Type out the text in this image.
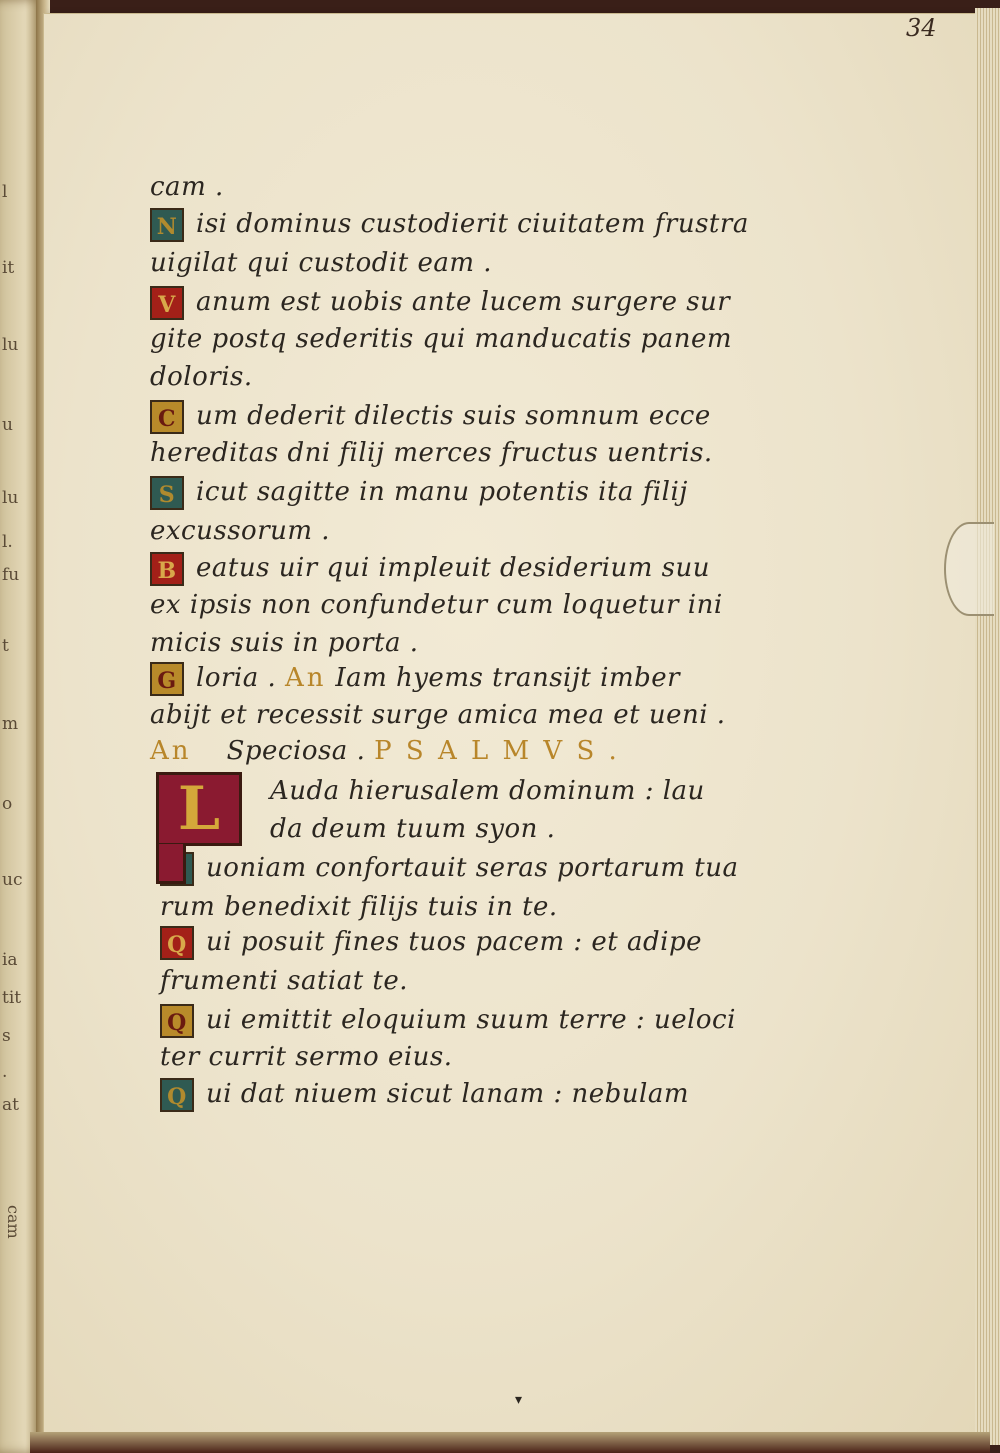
34
l
it
lu
u
lu
l.
fu
t
m
o
uc
ia
tit
s
.
at
cam
cam .
N isi dominus custodierit ciuitatem frustra
uigilat qui custodit eam .
V anum est uobis ante lucem surgere sur
gite postq sederitis qui manducatis panem
doloris.
C um dederit dilectis suis somnum ecce
hereditas dni filij merces fructus uentris.
S icut sagitte in manu potentis ita filij
excussorum .
B eatus uir qui impleuit desiderium suu
ex ipsis non confundetur cum loquetur ini
micis suis in porta .
G loria . An Iam hyems transijt imber
abijt et recessit surge amica mea et ueni .
An Speciosa . P S A L M V S .
Auda hierusalem dominum : lau
da deum tuum syon .
uoniam confortauit seras portarum tua
rum benedixit filijs tuis in te.
Q ui posuit fines tuos pacem : et adipe
frumenti satiat te.
Q ui emittit eloquium suum terre : ueloci
ter currit sermo eius.
Q ui dat niuem sicut lanam : nebulam
L
▾
